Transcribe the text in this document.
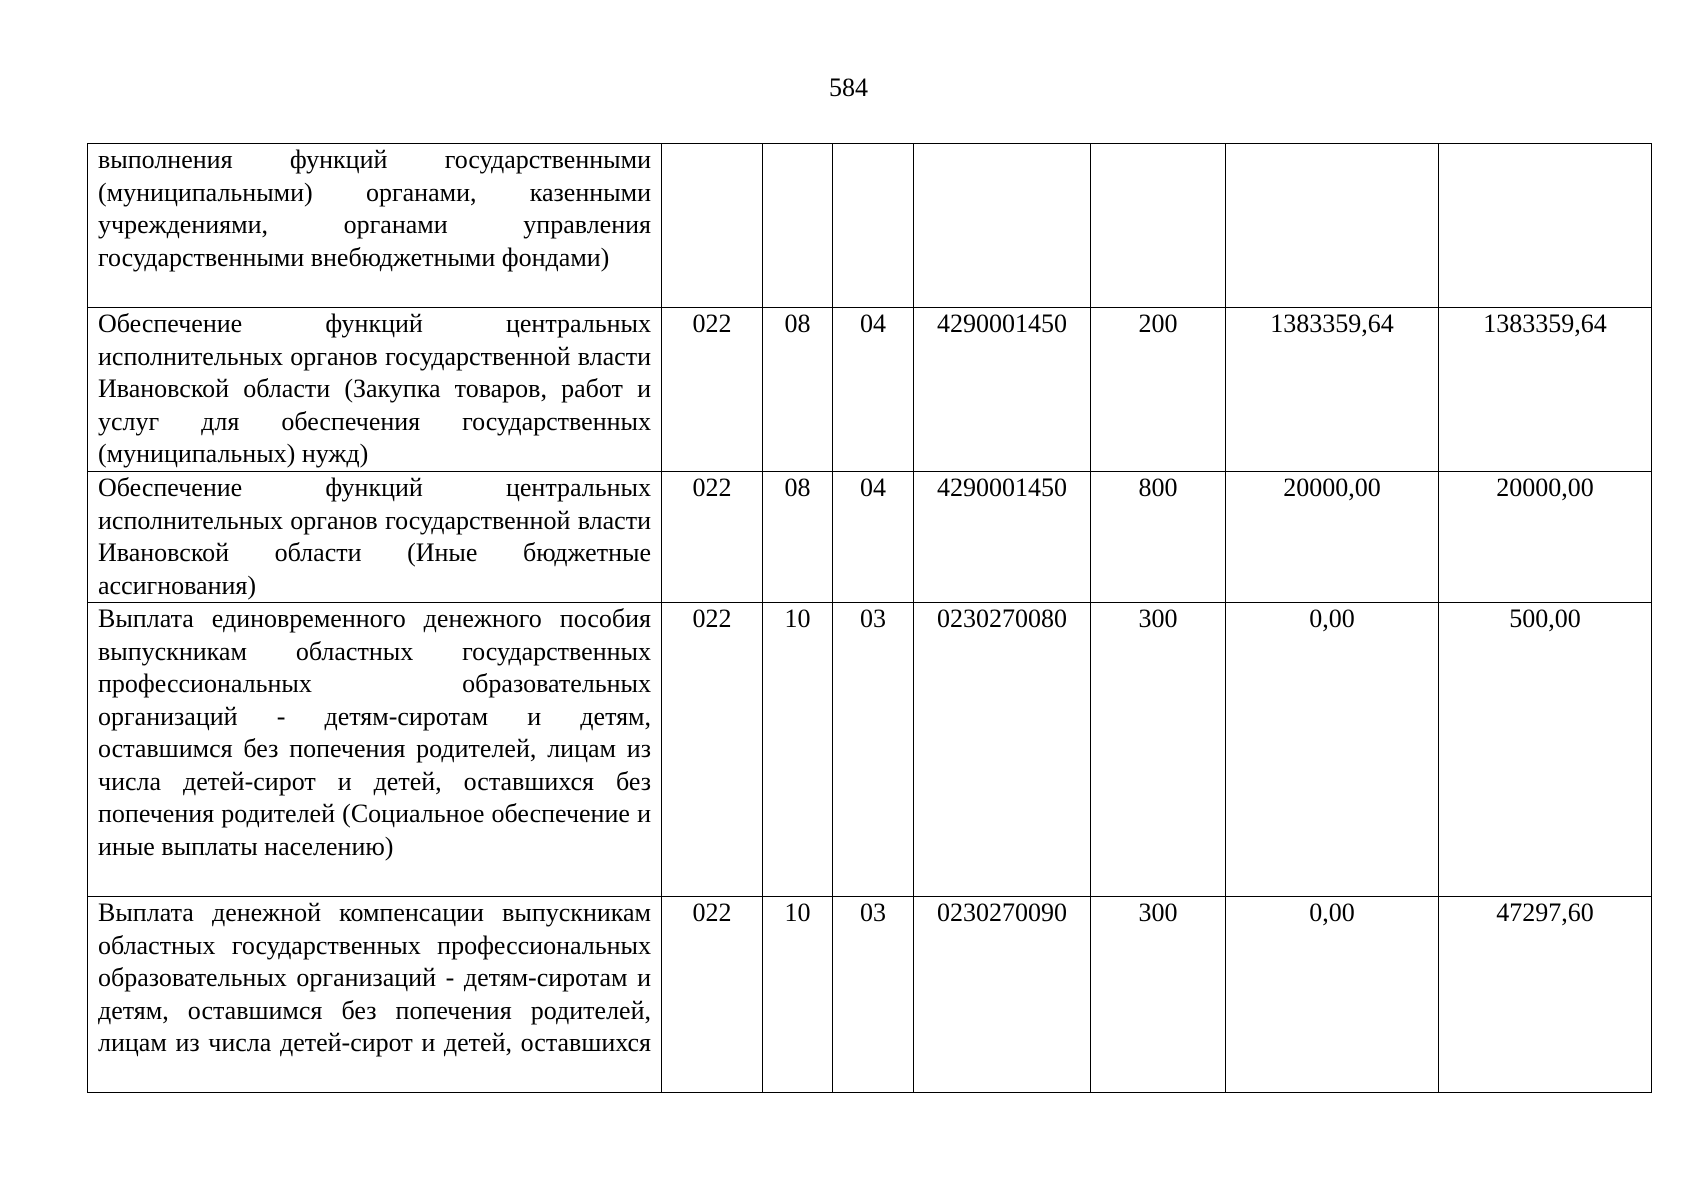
584
выполнения функций государственными (муниципальными) органами, казенными учреждениями, органами управления государственными внебюджетными фондами)							
Обеспечение функций центральных исполнительных органов государственной власти Ивановской области (Закупка товаров, работ и услуг для обеспечения государственных (муниципальных) нужд)	022	08	04	4290001450	200	1383359,64	1383359,64
Обеспечение функций центральных исполнительных органов государственной власти Ивановской области (Иные бюджетные ассигнования)	022	08	04	4290001450	800	20000,00	20000,00
Выплата единовременного денежного пособия выпускникам областных государственных профессиональных образовательных организаций - детям-сиротам и детям, оставшимся без попечения родителей, лицам из числа детей-сирот и детей, оставшихся без попечения родителей (Социальное обеспечение и иные выплаты населению)	022	10	03	0230270080	300	0,00	500,00

Выплата денежной компенсации выпускникам областных государственных профессиональных образовательных организаций - детям-сиротам и детям, оставшимся без попечения родителей, лицам из числа детей-сирот и детей, оставшихся	022	10	03	0230270090	300	0,00	47297,60
